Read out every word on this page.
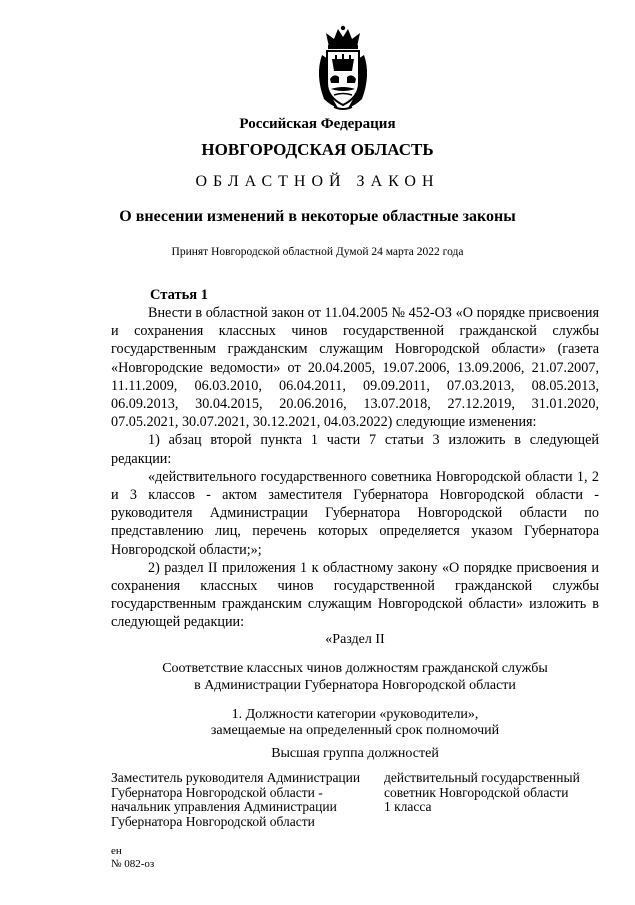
Российская Федерация
НОВГОРОДСКАЯ ОБЛАСТЬ
ОБЛАСТНОЙ ЗАКОН
О внесении изменений в некоторые областные законы
Принят Новгородской областной Думой 24 марта 2022 года
Статья 1

Внести в областной закон от 11.04.2005 № 452-ОЗ «О порядке присвоения и сохранения классных чинов государственной гражданской службы государственным гражданским служащим Новгородской области» (газета «Новгородские ведомости» от 20.04.2005, 19.07.2006, 13.09.2006, 21.07.2007, 11.11.2009, 06.03.2010, 06.04.2011, 09.09.2011, 07.03.2013, 08.05.2013, 06.09.2013, 30.04.2015, 20.06.2016, 13.07.2018, 27.12.2019, 31.01.2020, 07.05.2021, 30.07.2021, 30.12.2021, 04.03.2022) следующие изменения:

1) абзац второй пункта 1 части 7 статьи 3 изложить в следующей редакции:

«действительного государственного советника Новгородской области 1, 2 и 3 классов - актом заместителя Губернатора Новгородской области - руководителя Администрации Губернатора Новгородской области по представлению лиц, перечень которых определяется указом Губернатора Новгородской области;»;

2) раздел II приложения 1 к областному закону «О порядке присвоения и сохранения классных чинов государственной гражданской службы государственным гражданским служащим Новгородской области» изложить в следующей редакции:

«Раздел II
Соответствие классных чинов должностям гражданской службы
в Администрации Губернатора Новгородской области
1. Должности категории «руководители»,
замещаемые на определенный срок полномочий
Высшая группа должностей
Заместитель руководителя Администрации
Губернатора Новгородской области -
начальник управления Администрации
Губернатора Новгородской области
действительный государственный
советник Новгородской области
1 класса
ен
№ 082-оз
